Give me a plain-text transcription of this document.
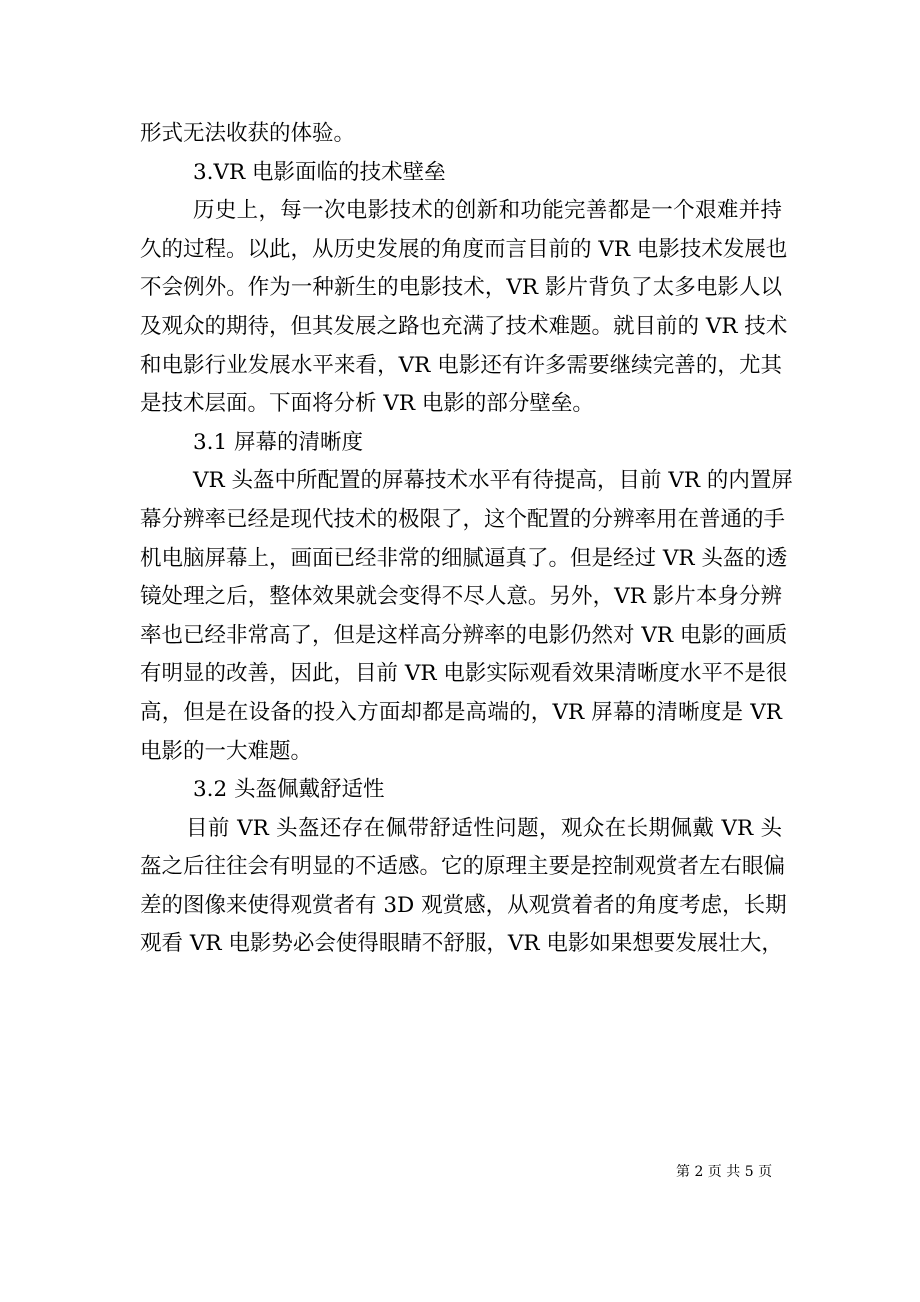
形式无法收获的体验。
3.VR 电影面临的技术壁垒
历史上，每一次电影技术的创新和功能完善都是一个艰难并持
久的过程。以此，从历史发展的角度而言目前的 VR 电影技术发展也
不会例外。作为一种新生的电影技术，VR 影片背负了太多电影人以
及观众的期待，但其发展之路也充满了技术难题。就目前的 VR 技术
和电影行业发展水平来看，VR 电影还有许多需要继续完善的，尤其
是技术层面。下面将分析 VR 电影的部分壁垒。
3.1 屏幕的清晰度
VR 头盔中所配置的屏幕技术水平有待提高，目前 VR 的内置屏
幕分辨率已经是现代技术的极限了，这个配置的分辨率用在普通的手
机电脑屏幕上，画面已经非常的细腻逼真了。但是经过 VR 头盔的透
镜处理之后，整体效果就会变得不尽人意。另外，VR 影片本身分辨
率也已经非常高了，但是这样高分辨率的电影仍然对 VR 电影的画质
有明显的改善，因此，目前 VR 电影实际观看效果清晰度水平不是很
高，但是在设备的投入方面却都是高端的，VR 屏幕的清晰度是 VR
电影的一大难题。
3.2 头盔佩戴舒适性
目前 VR 头盔还存在佩带舒适性问题，观众在长期佩戴 VR 头
盔之后往往会有明显的不适感。它的原理主要是控制观赏者左右眼偏
差的图像来使得观赏者有 3D 观赏感，从观赏着者的角度考虑，长期
观看 VR 电影势必会使得眼睛不舒服，VR 电影如果想要发展壮大，
第 2 页 共 5 页
